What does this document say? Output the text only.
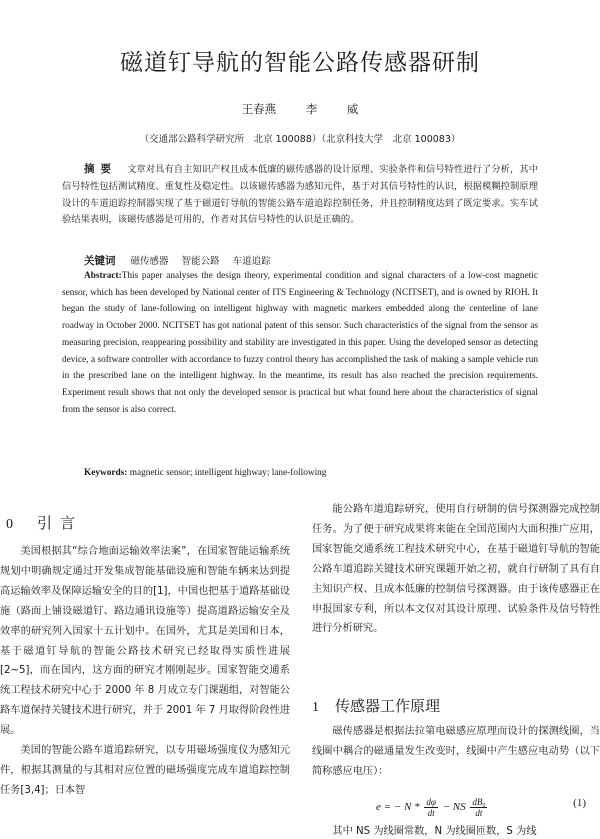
磁道钉导航的智能公路传感器研制
王春燕	李 威
（交通部公路科学研究所　北京 100088）（北京科技大学　北京 100083）
摘要 文章对具有自主知识产权且成本低廉的磁传感器的设计原理、实验条件和信号特性进行了分析，其中信号特性包括测试精度、重复性及稳定性。以该磁传感器为感知元件，基于对其信号特性的认识，根据模糊控制原理设计的车道追踪控制器实现了基于磁道钉导航的智能公路车道追踪控制任务，并且控制精度达到了既定要求。实车试验结果表明，该磁传感器是可用的，作者对其信号特性的认识是正确的。
关键词 磁传感器 智能公路 车道追踪
Abstract:This paper analyses the design theory, experimental condition and signal characters of a low-cost magnetic sensor, which has been developed by National center of ITS Engineering & Technology (NCITSET), and is owned by RIOH. It began the study of lane-following on intelligent highway with magnetic markers embedded along the centerline of lane roadway in October 2000. NCITSET has got national patent of this sensor. Such characteristics of the signal from the sensor as measuring precision, reappearing possibility and stability are investigated in this paper. Using the developed sensor as detecting device, a software controller with accordance to fuzzy control theory has accomplished the task of making a sample vehicle run in the prescribed lane on the intelligent highway. In the meantime, its result has also reached the precision requirements. Experiment result shows that not only the developed sensor is practical but what found here about the characteristics of signal from the sensor is also correct.
Keywords: magnetic sensor; intelligent highway; lane-following
0 引言

美国根据其“综合地面运输效率法案”，在国家智能运输系统规划中明确规定通过开发集成智能基础设施和智能车辆来达到提高运输效率及保障运输安全的目的[1]，中国也把基于道路基础设施（路面上铺设磁道钉、路边通讯设施等）提高道路运输安全及效率的研究列入国家十五计划中。在国外，尤其是美国和日本，基于磁道钉导航的智能公路技术研究已经取得实质性进展[2~5]，而在国内，这方面的研究才刚刚起步。国家智能交通系统工程技术研究中心于 2000 年 8 月成立专门课题组，对智能公路车道保持关键技术进行研究，并于 2001 年 7 月取得阶段性进展。

美国的智能公路车道追踪研究，以专用磁场强度仪为感知元件，根据其测量的与其相对应位置的磁场强度完成车道追踪控制任务[3,4]；日本智

能公路车道追踪研究，使用自行研制的信号探测器完成控制任务。为了便于研究成果将来能在全国范围内大面积推广应用，国家智能交通系统工程技术研究中心，在基于磁道钉导航的智能公路车道追踪关键技术研究课题开始之初，就自行研制了具有自主知识产权、且成本低廉的控制信号探测器。由于该传感器正在申报国家专利，所以本文仅对其设计原理、试验条件及信号特性进行分析研究。

1 传感器工作原理

磁传感器是根据法拉第电磁感应原理而设计的探测线圈，当线圈中耦合的磁通量发生改变时，线圈中产生感应电动势（以下简称感应电压）：

e = − N * $\frac{d\varphi}{dt}$ − NS $\frac{\text{dB₀}}{dt}$	(1)
其中 NS 为线圈常数，N 为线圈匝数，S 为线
